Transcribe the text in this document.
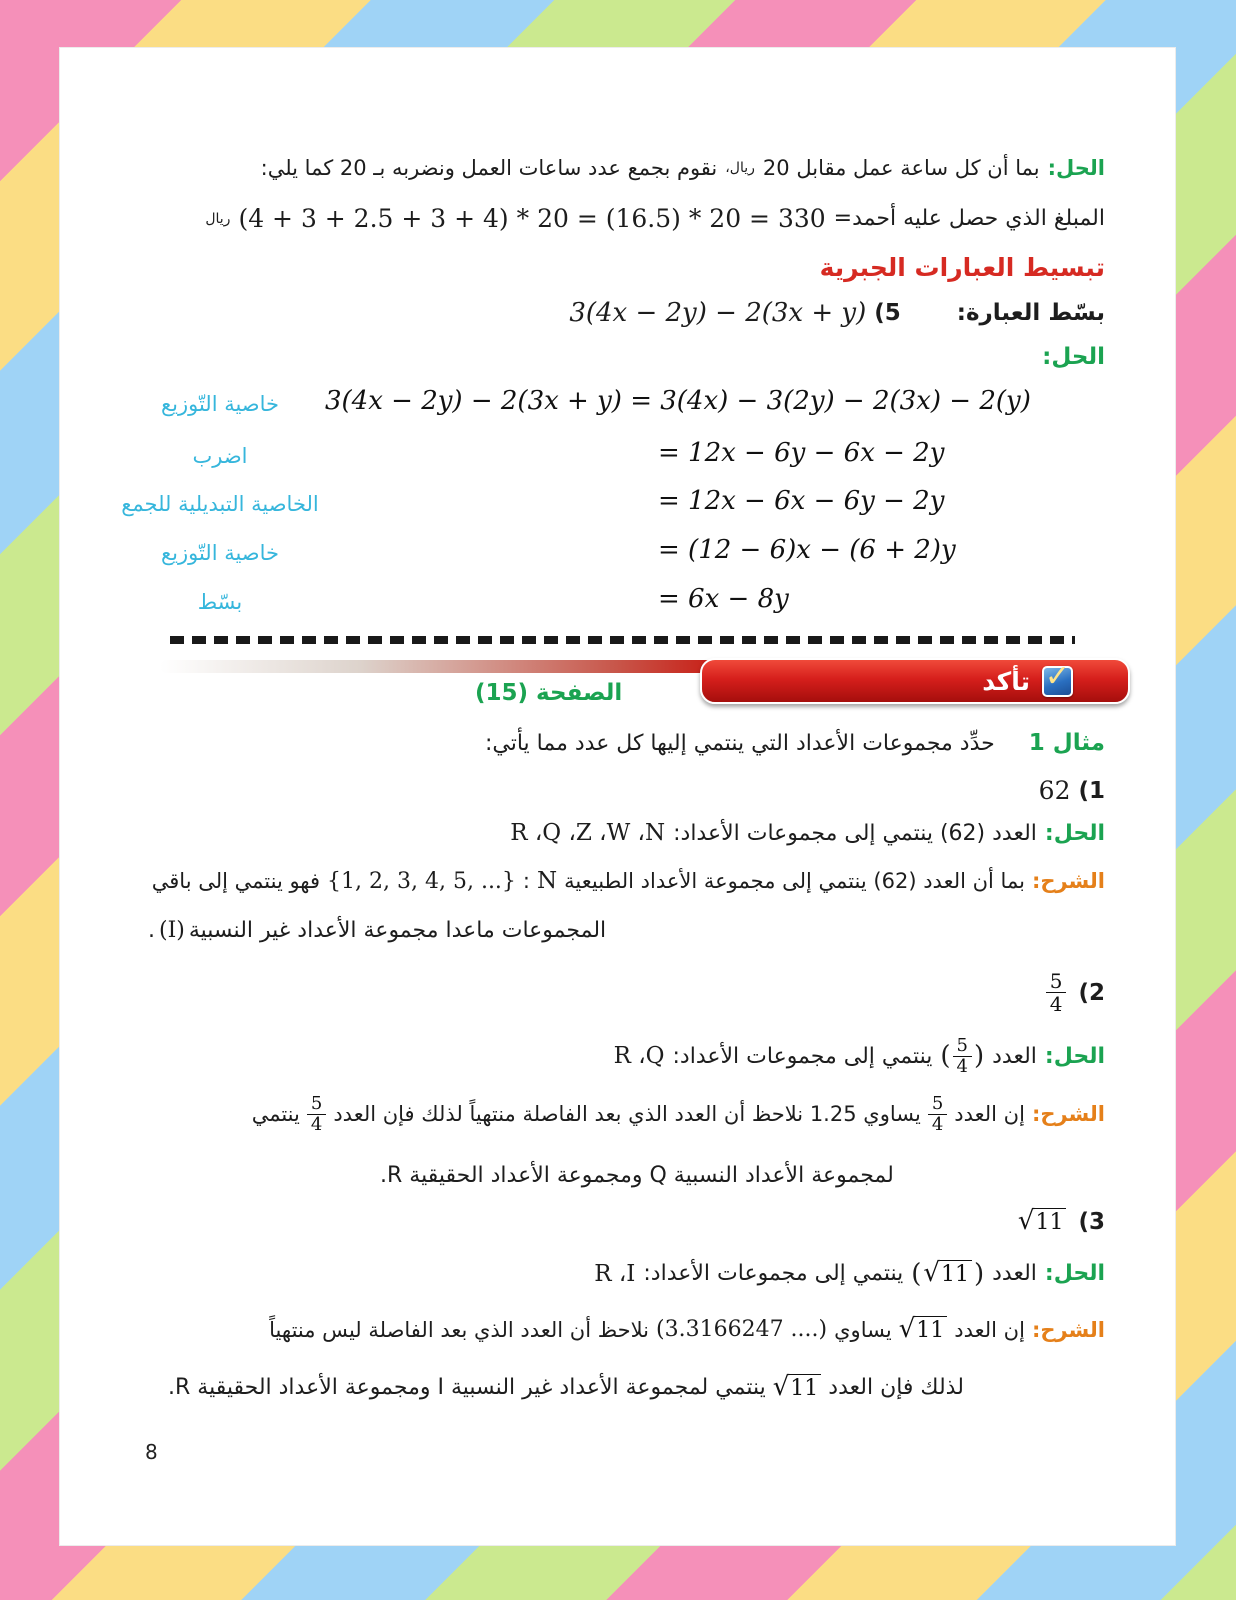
الحل:
بما أن كل ساعة عمل مقابل 20
ريال،
نقوم بجمع عدد ساعات العمل ونضربه بـ 20 كما يلي:
المبلغ الذي حصل عليه أحمد=
(4 + 3 + 2.5 + 3 + 4) * 20 = (16.5) * 20 = 330
ريال
تبسيط العبارات الجبرية
بسّط العبارة:
(5
3(4x − 2y) − 2(3x + y)
الحل:
خاصية التّوزيع	3(4x − 2y) − 2(3x + y) = 3(4x) − 3(2y) − 2(3x) − 2(y)
اضرب	= 12x − 6y − 6x − 2y
الخاصية التبديلية للجمع	= 12x − 6x − 6y − 2y
خاصية التّوزيع	= (12 − 6)x − (6 + 2)y
بسّط	= 6x − 8y
✓
تأكد
الصفحة (15)
مثال 1
حدِّد مجموعات الأعداد التي ينتمي إليها كل عدد مما يأتي:
(1
62
الحل:
العدد (62) ينتمي إلى مجموعات الأعداد:
R ،Q ،Z ،W ،N
الشرح:
بما أن العدد (62) ينتمي إلى مجموعة الأعداد الطبيعية
N
:
{1, 2, 3, 4, 5, ...}
فهو ينتمي إلى باقي
المجموعات ماعدا مجموعة الأعداد غير النسبية
(I)
.
(2
$\frac{5}{4}$
الحل:
العدد
( $\frac{5}{4}$ )
ينتمي إلى مجموعات الأعداد:
R ،Q
الشرح:
إن العدد
$\frac{5}{4}$
يساوي 1.25 نلاحظ أن العدد الذي بعد الفاصلة منتهياً لذلك فإن العدد
$\frac{5}{4}$
ينتمي
لمجموعة الأعداد النسبية Q ومجموعة الأعداد الحقيقية R.
(3
√ 11
الحل:
العدد
( √ 11 )
ينتمي إلى مجموعات الأعداد:
R ،I
الشرح:
إن العدد
√ 11
يساوي
(3.3166247 ....)
نلاحظ أن العدد الذي بعد الفاصلة ليس منتهياً
لذلك فإن العدد
√ 11
ينتمي لمجموعة الأعداد غير النسبية I ومجموعة الأعداد الحقيقية R.
8
